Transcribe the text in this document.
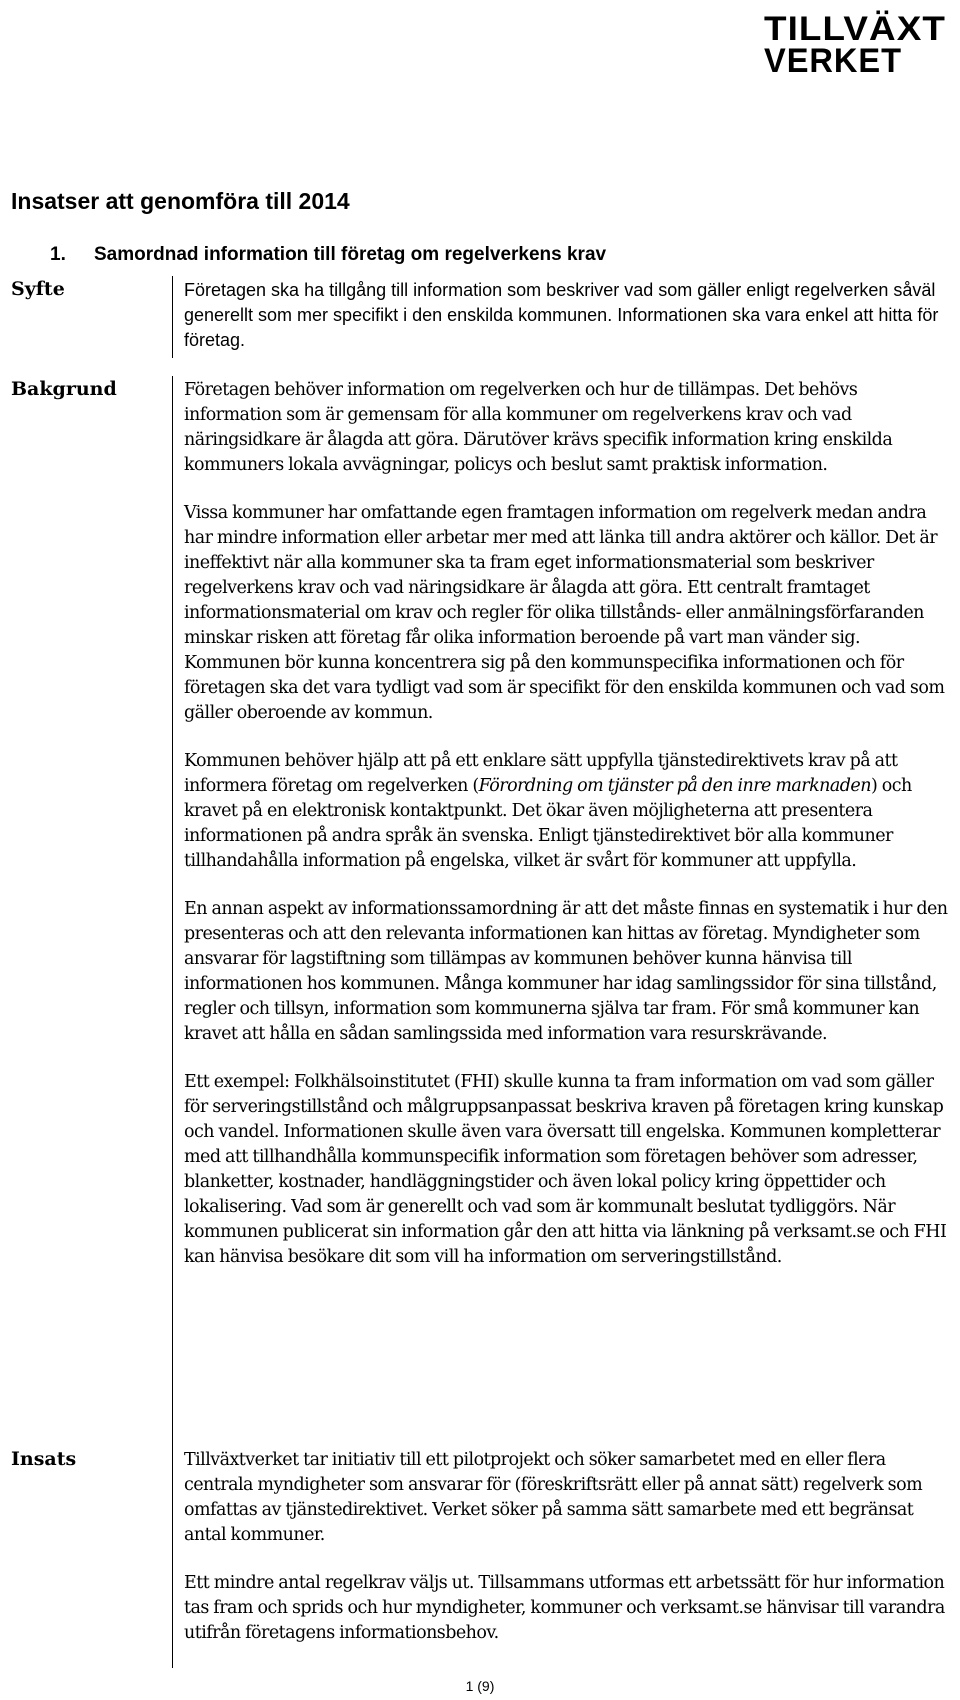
TILLVÄXT
VERKET
Insatser att genomföra till 2014
1. Samordnad information till företag om regelverkens krav
Syfte	Företagen ska ha tillgång till information som beskriver vad som gäller enligt regelverken såväl generellt som mer specifikt i den enskilda kommunen. Informationen ska vara enkel att hitta för företag.

Bakgrund	Företagen behöver information om regelverken och hur de tillämpas. Det behövs information som är gemensam för alla kommuner om regelverkens krav och vad näringsidkare är ålagda att göra. Därutöver krävs specifik information kring enskilda kommuners lokala avvägningar, policys och beslut samt praktisk information.

Vissa kommuner har omfattande egen framtagen information om regelverk medan andra har mindre information eller arbetar mer med att länka till andra aktörer och källor. Det är ineffektivt när alla kommuner ska ta fram eget informationsmaterial som beskriver regelverkens krav och vad näringsidkare är ålagda att göra. Ett centralt framtaget informationsmaterial om krav och regler för olika tillstånds- eller anmälningsförfaranden minskar risken att företag får olika information beroende på vart man vänder sig. Kommunen bör kunna koncentrera sig på den kommunspecifika informationen och för företagen ska det vara tydligt vad som är specifikt för den enskilda kommunen och vad som gäller oberoende av kommun.

Kommunen behöver hjälp att på ett enklare sätt uppfylla tjänstedirektivets krav på att informera företag om regelverken (Förordning om tjänster på den inre marknaden) och kravet på en elektronisk kontaktpunkt. Det ökar även möjligheterna att presentera informationen på andra språk än svenska. Enligt tjänstedirektivet bör alla kommuner tillhandahålla information på engelska, vilket är svårt för kommuner att uppfylla.

En annan aspekt av informationssamordning är att det måste finnas en systematik i hur den presenteras och att den relevanta informationen kan hittas av företag. Myndigheter som ansvarar för lagstiftning som tillämpas av kommunen behöver kunna hänvisa till informationen hos kommunen. Många kommuner har idag samlingssidor för sina tillstånd, regler och tillsyn, information som kommunerna själva tar fram. För små kommuner kan kravet att hålla en sådan samlingssida med information vara resurskrävande.

Ett exempel: Folkhälsoinstitutet (FHI) skulle kunna ta fram information om vad som gäller för serveringstillstånd och målgruppsanpassat beskriva kraven på företagen kring kunskap och vandel. Informationen skulle även vara översatt till engelska. Kommunen kompletterar med att tillhandhålla kommunspecifik information som företagen behöver som adresser, blanketter, kostnader, handläggningstider och även lokal policy kring öppettider och lokalisering. Vad som är generellt och vad som är kommunalt beslutat tydliggörs. När kommunen publicerat sin information går den att hitta via länkning på verksamt.se och FHI kan hänvisa besökare dit som vill ha information om serveringstillstånd.

Insats	Tillväxtverket tar initiativ till ett pilotprojekt och söker samarbetet med en eller flera centrala myndigheter som ansvarar för (föreskriftsrätt eller på annat sätt) regelverk som omfattas av tjänstedirektivet. Verket söker på samma sätt samarbete med ett begränsat antal kommuner.

Ett mindre antal regelkrav väljs ut. Tillsammans utformas ett arbetssätt för hur information tas fram och sprids och hur myndigheter, kommuner och verksamt.se hänvisar till varandra utifrån företagens informationsbehov.

1 (9)
